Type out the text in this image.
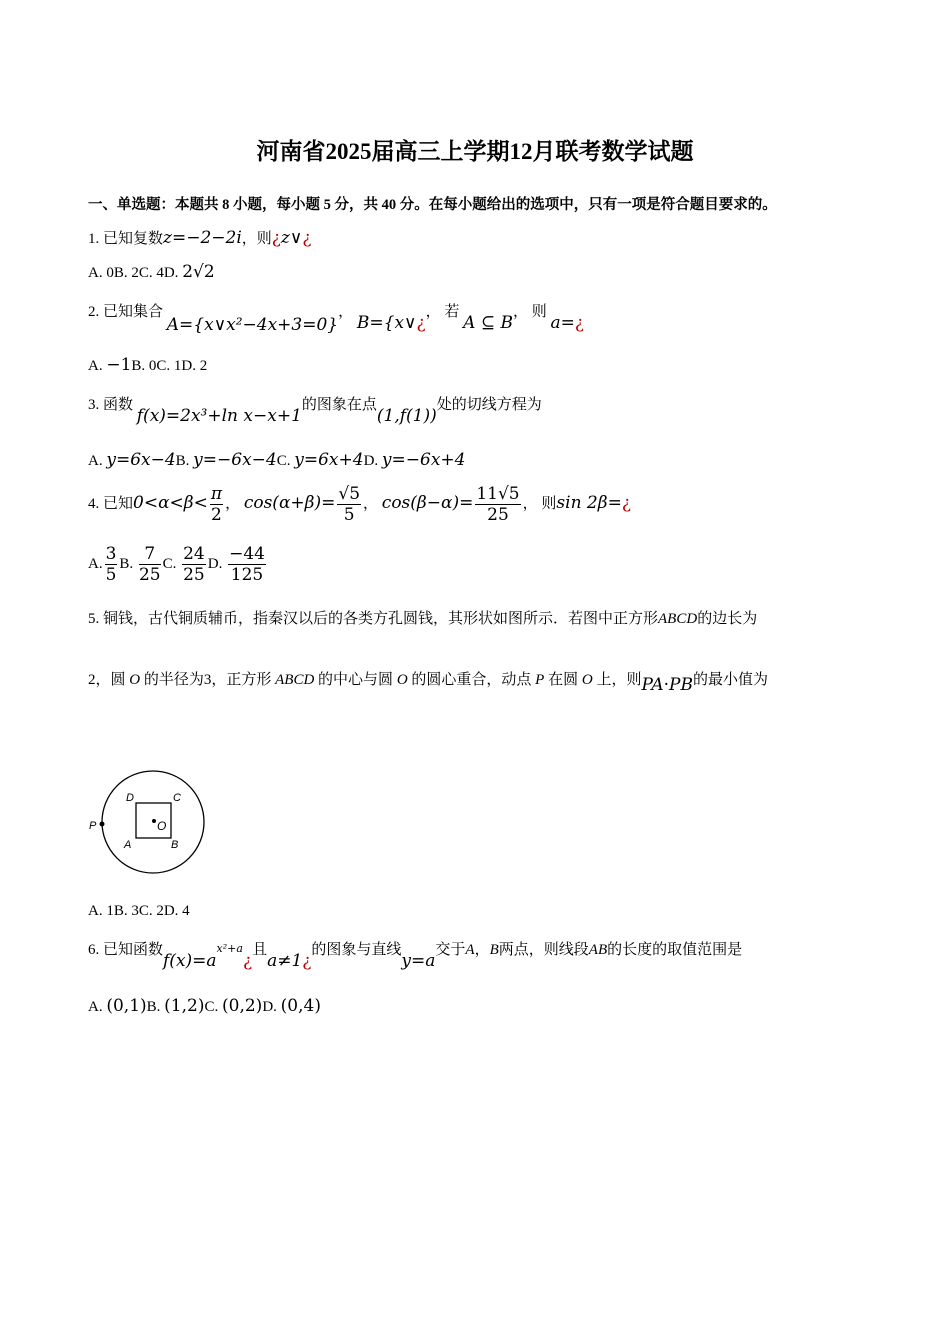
河南省2025届高三上学期12月联考数学试题
一、单选题：本题共 8 小题，每小题 5 分，共 40 分。在每小题给出的选项中，只有一项是符合题目要求的。
1. 已知复数z=−2−2i，则¿z∨¿
A. 0B. 2C. 4D. 2√2
2. 已知集合 A={x∨x²−4x+3=0}， B={x∨¿， 若 A ⊆ B， 则 a=¿
A. −1B. 0C. 1D. 2
3. 函数 f(x)=2x³+ln x−x+1的图象在点(1,f(1))处的切线方程为
A. y=6x−4B. y=−6x−4C. y=6x+4D. y=−6x+4
4. 已知$0<\alpha<\beta< \frac{\pi}{2}$ ， $\cos(\alpha+\beta)= \frac{√5}{5}$ ， $\cos(\beta-\alpha)= \frac{11√5}{25}$ ， 则sin 2β=¿
A. $\frac{3}{5} B$. $\frac{7}{25} C$. $\frac{24}{25} D$. $\frac{-44}{125}$
5. 铜钱，古代铜质辅币，指秦汉以后的各类方孔圆钱，其形状如图所示．若图中正方形ABCD的边长为
2，圆 O 的半径为3，正方形 ABCD 的中心与圆 O 的圆心重合，动点 P 在圆 O 上，则PA·PB的最小值为
P
D	C
A	B
O
A. 1B. 3C. 2D. 4
6. 已知函数$f(x)=a^{x^2+a}¿$且a≠1¿的图象与直线y=a交于A，B两点，则线段AB的长度的取值范围是
A. (0,1)B. (1,2)C. (0,2)D. (0,4)
